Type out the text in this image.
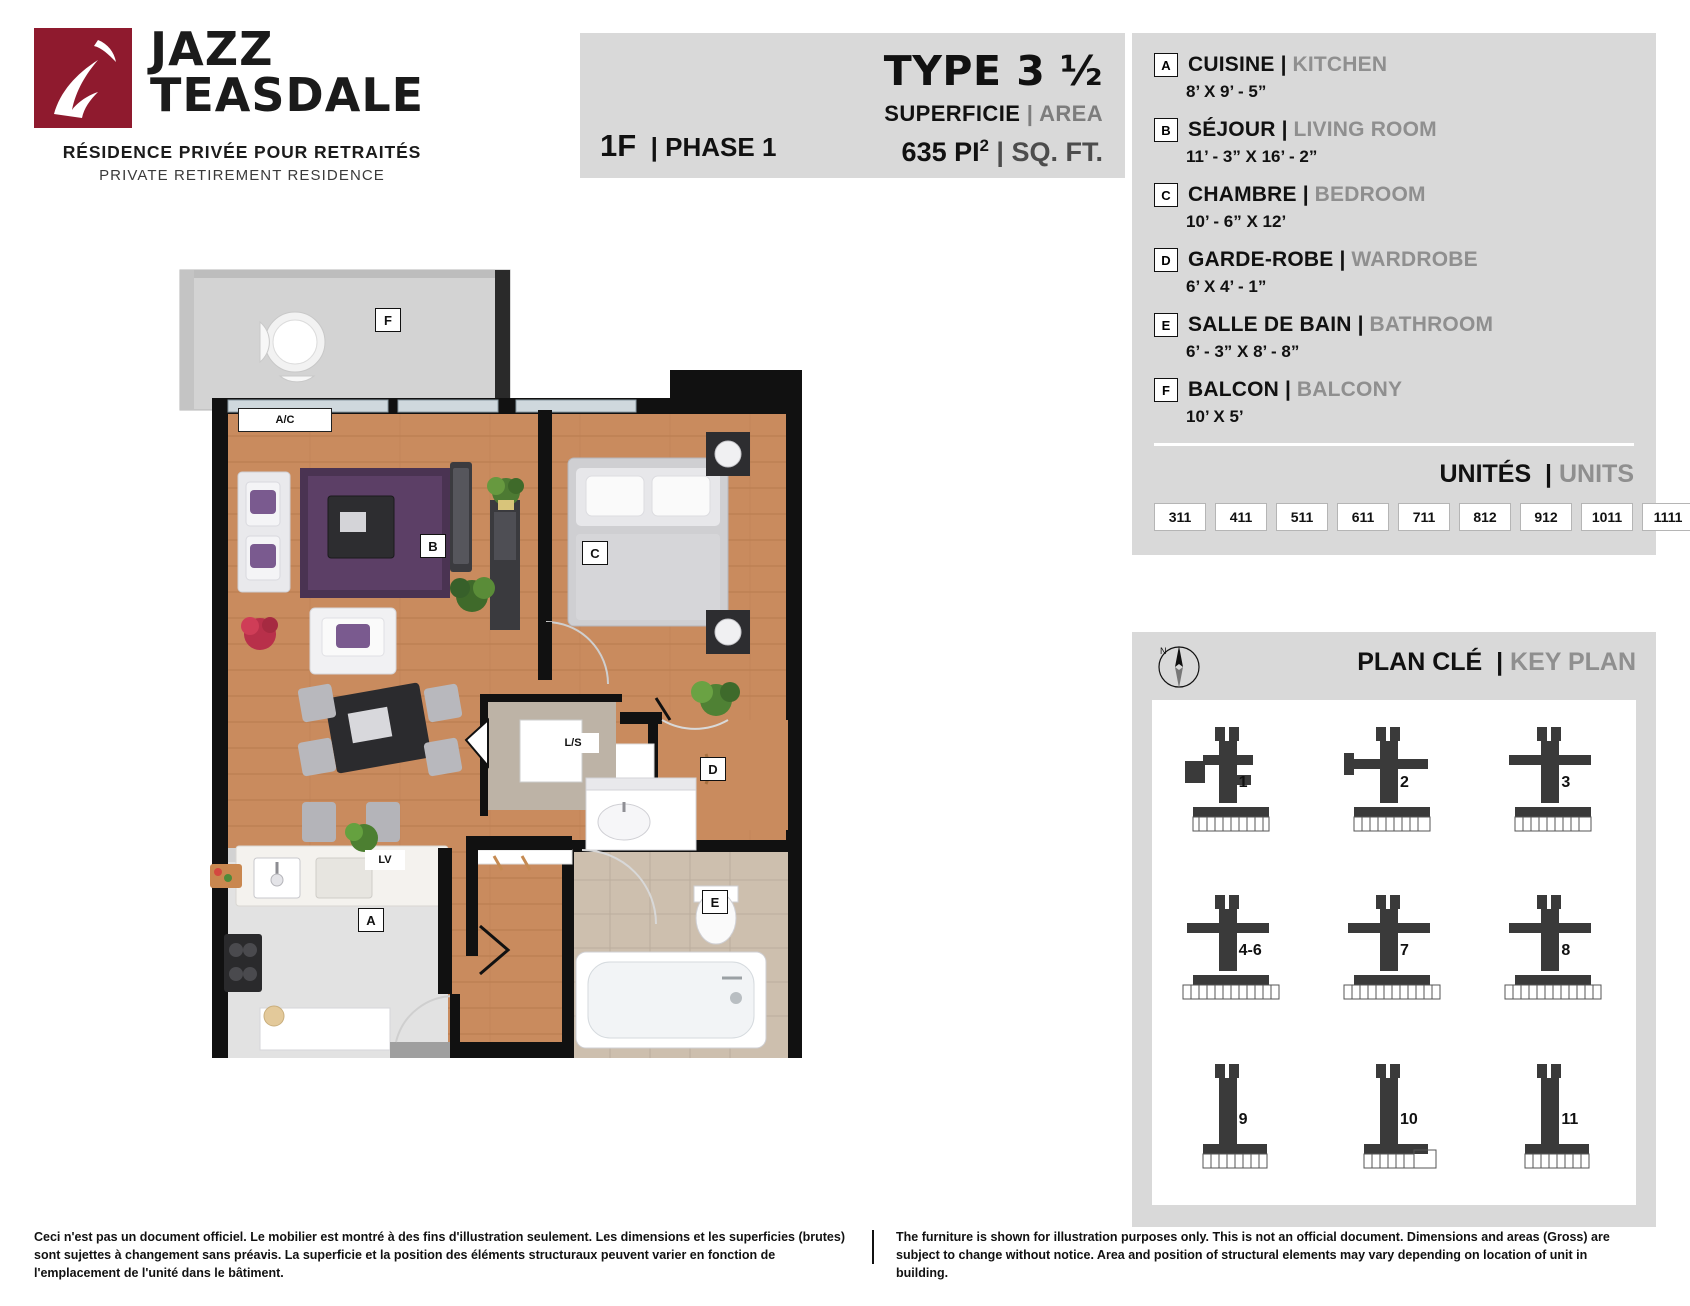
JAZZ
TEASDALE
RÉSIDENCE PRIVÉE POUR RETRAITÉS
PRIVATE RETIREMENT RESIDENCE
TYPE 3 ½
SUPERFICIE | AREA
635 $PI^2$ | SQ. FT.
1F  | PHASE 1
A CUISINE | KITCHEN
8’ X 9’ - 5”
B SÉJOUR | LIVING ROOM
11’ - 3” X 16’ - 2”
C CHAMBRE | BEDROOM
10’ - 6” X 12’
D GARDE-ROBE | WARDROBE
6’ X 4’ - 1”
E SALLE DE BAIN | BATHROOM
6’ - 3” X 8’ - 8”
F BALCON | BALCONY
10’ X 5’
UNITÉS  | UNITS
311	411	511	611	711	812	912	1011	1111
N	PLAN CLÉ  | KEY PLAN
1	2	3
4-6	7	8
9	10	11
B	C
D
E
A
F
A/C
L/S
LV
Ceci n'est pas un document officiel. Le mobilier est montré à des fins d'illustration seulement. Les dimensions et les superficies (brutes) sont sujettes à changement sans préavis. La superficie et la position des éléments structuraux peuvent varier en fonction de l'emplacement de l'unité dans le bâtiment.
The furniture is shown for illustration purposes only. This is not an official document. Dimensions and areas (Gross) are subject to change without notice. Area and position of structural elements may vary depending on location of unit in building.
